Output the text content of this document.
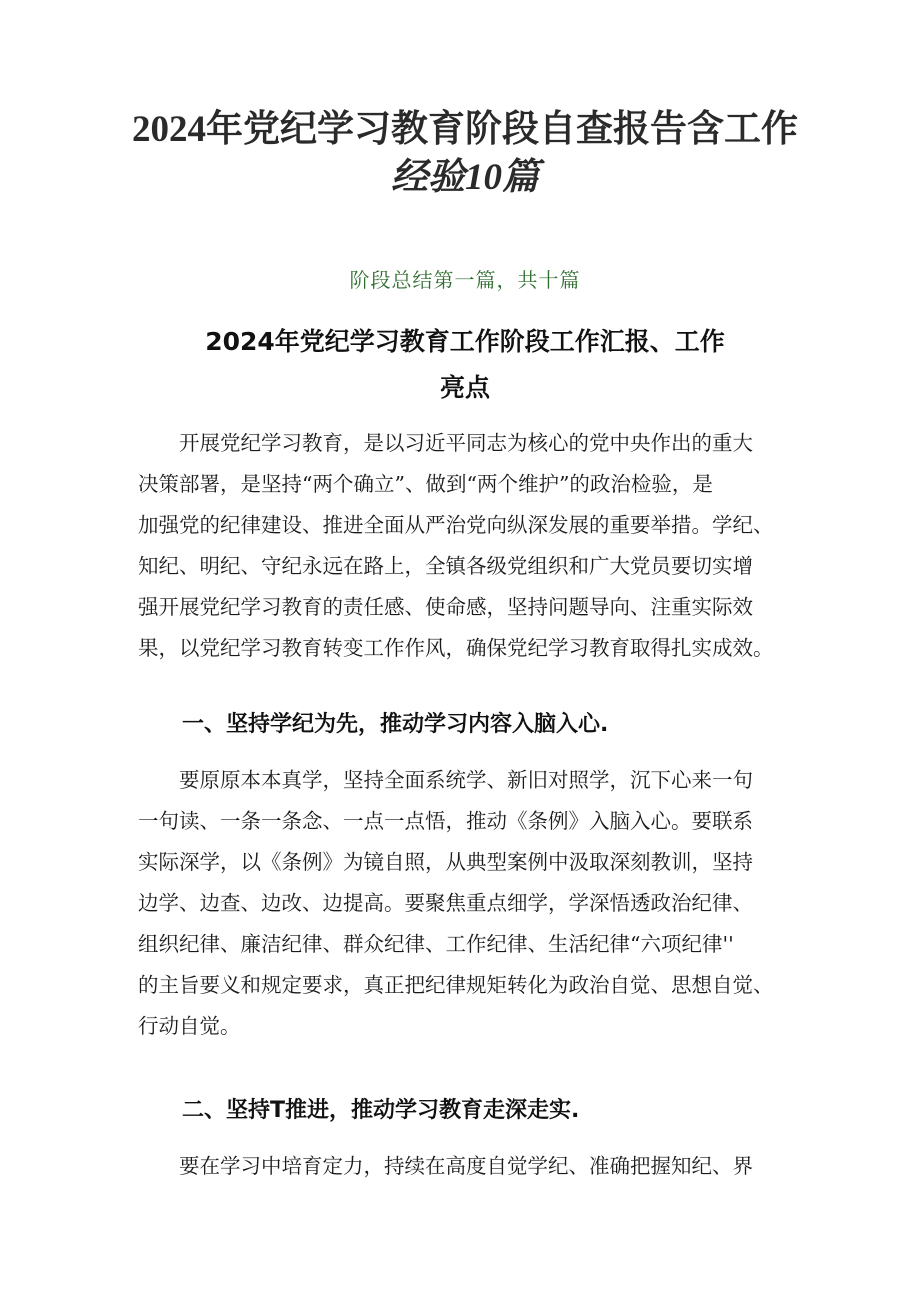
2024年党纪学习教育阶段自查报告含工作
经验10篇

阶段总结第一篇，共十篇

2024年党纪学习教育工作阶段工作汇报、工作
亮点
　　开展党纪学习教育，是以习近平同志为核心的党中央作出的重大
决策部署，是坚持“两个确立”、做到“两个维护”的政治检验，是
加强党的纪律建设、推进全面从严治党向纵深发展的重要举措。学纪、
知纪、明纪、守纪永远在路上，全镇各级党组织和广大党员要切实增
强开展党纪学习教育的责任感、使命感，坚持问题导向、注重实际效
果，以党纪学习教育转变工作作风，确保党纪学习教育取得扎实成效。
一、坚持学纪为先，推动学习内容入脑入心.
　　要原原本本真学，坚持全面系统学、新旧对照学，沉下心来一句
一句读、一条一条念、一点一点悟，推动《条例》入脑入心。要联系
实际深学，以《条例》为镜自照，从典型案例中汲取深刻教训，坚持
边学、边查、边改、边提高。要聚焦重点细学，学深悟透政治纪律、
组织纪律、廉洁纪律、群众纪律、工作纪律、生活纪律“六项纪律''
的主旨要义和规定要求，真正把纪律规矩转化为政治自觉、思想自觉、
行动自觉。
二、坚持T推进，推动学习教育走深走实.
　　要在学习中培育定力，持续在高度自觉学纪、准确把握知纪、界
